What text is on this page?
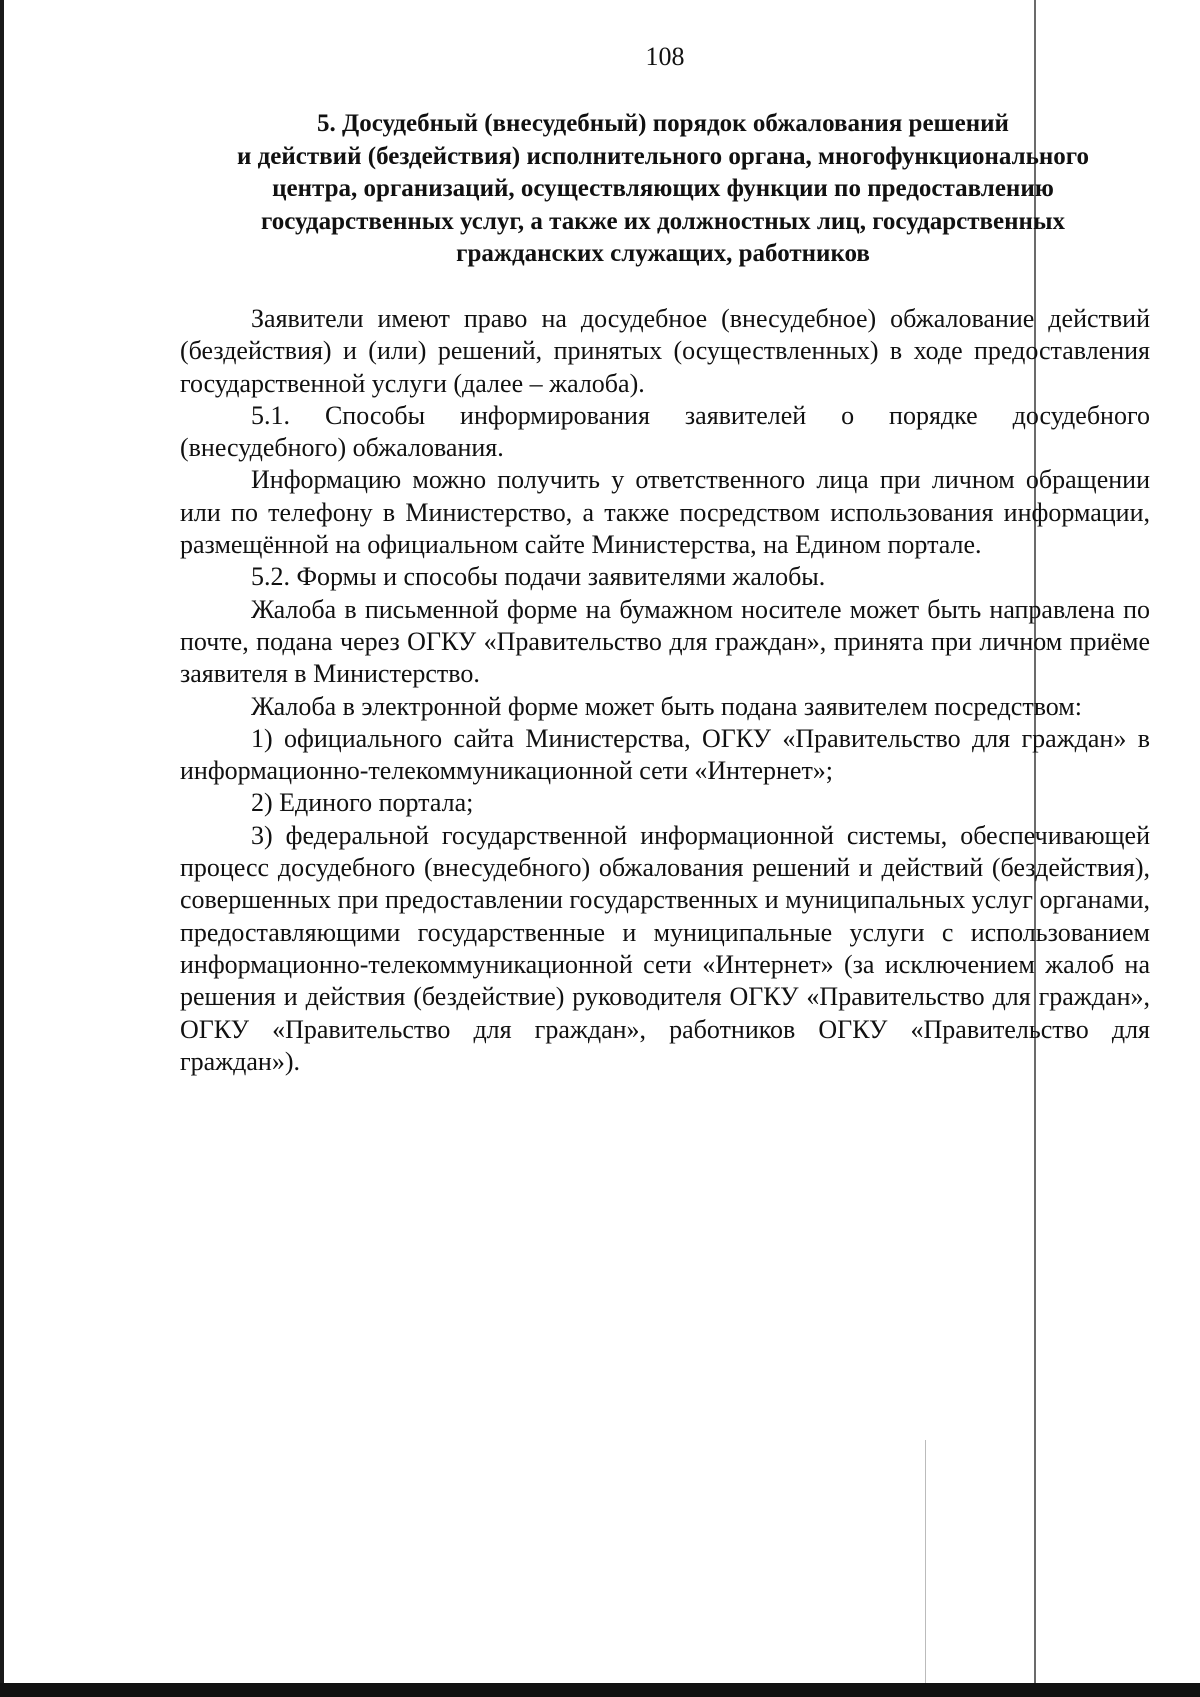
108
5. Досудебный (внесудебный) порядок обжалования решений
и действий (бездействия) исполнительного органа, многофункционального
центра, организаций, осуществляющих функции по предоставлению
государственных услуг, а также их должностных лиц, государственных
гражданских служащих, работников

Заявители имеют право на досудебное (внесудебное) обжалование действий (бездействия) и (или) решений, принятых (осуществленных) в ходе предоставления государственной услуги (далее – жалоба).

5.1. Способы информирования заявителей о порядке досудебного (внесудебного) обжалования.

Информацию можно получить у ответственного лица при личном обращении или по телефону в Министерство, а также посредством использования информации, размещённой на официальном сайте Министерства, на Едином портале.

5.2. Формы и способы подачи заявителями жалобы.

Жалоба в письменной форме на бумажном носителе может быть направлена по почте, подана через ОГКУ «Правительство для граждан», принята при личном приёме заявителя в Министерство.

Жалоба в электронной форме может быть подана заявителем посредством:

1) официального сайта Министерства, ОГКУ «Правительство для граждан» в информационно-телекоммуникационной сети «Интернет»;

2) Единого портала;

3) федеральной государственной информационной системы, обеспечивающей процесс досудебного (внесудебного) обжалования решений и действий (бездействия), совершенных при предоставлении государственных и муниципальных услуг органами, предоставляющими государственные и муниципальные услуги с использованием информационно-телекоммуникационной сети «Интернет» (за исключением жалоб на решения и действия (бездействие) руководителя ОГКУ «Правительство для граждан», ОГКУ «Правительство для граждан», работников ОГКУ «Правительство для граждан»).
